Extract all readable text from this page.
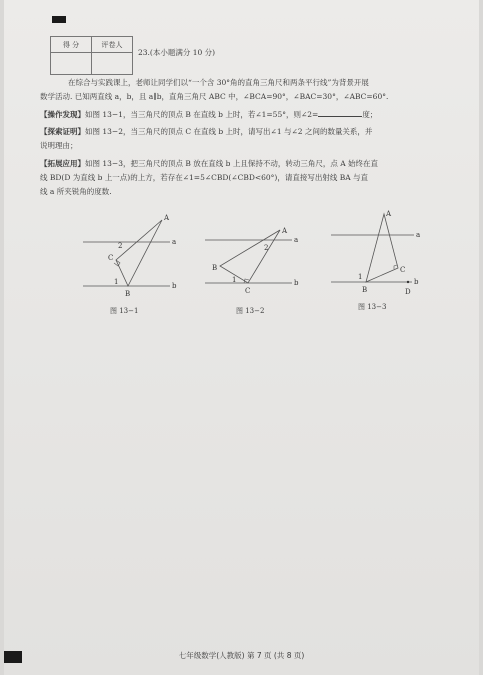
得 分	评卷人

23.(本小题满分 10 分)
在综合与实践课上，老师让同学们以“一个含 30°角的直角三角尺和两条平行线”为背景开展
数学活动. 已知两直线 a，b，且 a∥b，直角三角尺 ABC 中，∠BCA=90°，∠BAC=30°，∠ABC=60°.
【操作发现】如图 13−1，当三角尺的顶点 B 在直线 b 上时，若∠1=55°，则∠2=	度；
【探索证明】如图 13−2，当三角尺的顶点 C 在直线 b 上时，请写出∠1 与∠2 之间的数量关系，并
说明理由；
【拓展应用】如图 13−3，把三角尺的顶点 B 放在直线 b 上且保持不动，转动三角尺，点 A 始终在直
线 BD(D 为直线 b 上一点)的上方，若存在∠1=5∠CBD(∠CBD<60°)，请直接写出射线 BA 与直
线 a 所夹锐角的度数.
A
a
b
C
B
1
2
图 13−1
A
a
b
B
C
1
2
图 13−2
A
a
b
B
C
D
1
图 13−3
七年级数学(人教版) 第 7 页 (共 8 页)
